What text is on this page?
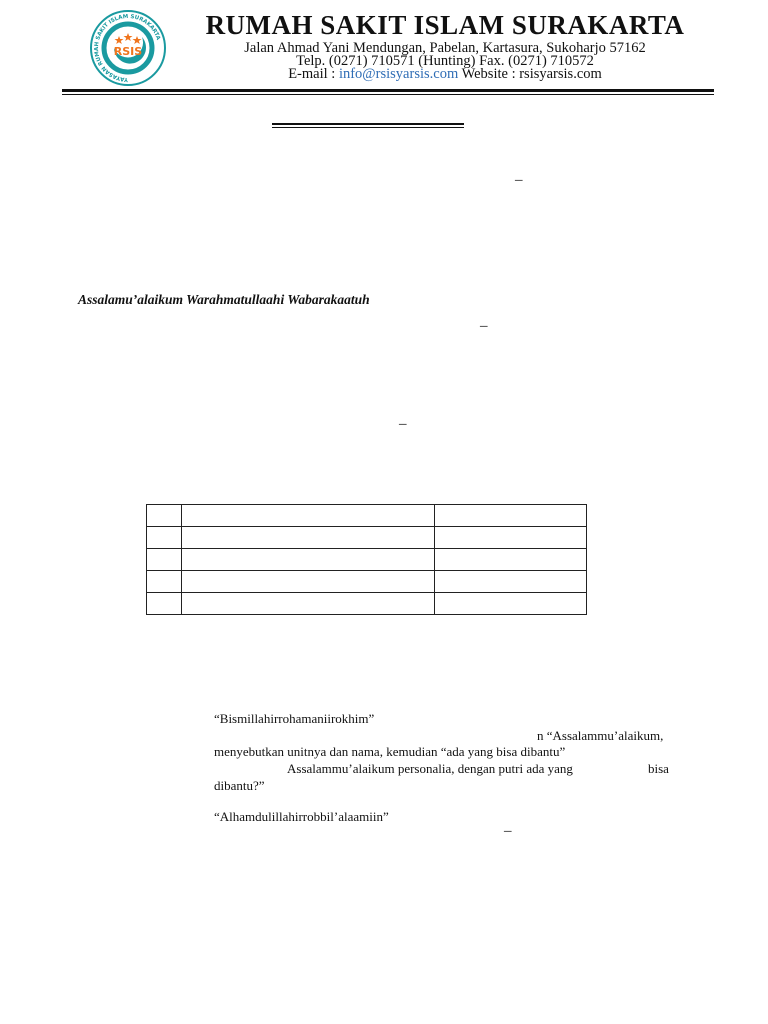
YAYASAN RUMAH SAKIT ISLAM SURAKARTA
RSIS
RUMAH SAKIT ISLAM SURAKARTA
Jalan Ahmad Yani Mendungan, Pabelan, Kartasura, Sukoharjo 57162
Telp. (0271) 710571 (Hunting) Fax. (0271) 710572
E-mail : info@rsisyarsis.com Website : rsisyarsis.com
–
Assalamu’alaikum Warahmatullaahi Wabarakaatuh
–
–

“Bismillahirrohamaniirokhim”
n “Assalammu’alaikum,
menyebutkan unitnya dan nama, kemudian “ada yang bisa dibantu”
Assalammu’alaikum personalia, dengan putri ada yang	bisa
dibantu?”
“Alhamdulillahirrobbil’alaamiin”
–
